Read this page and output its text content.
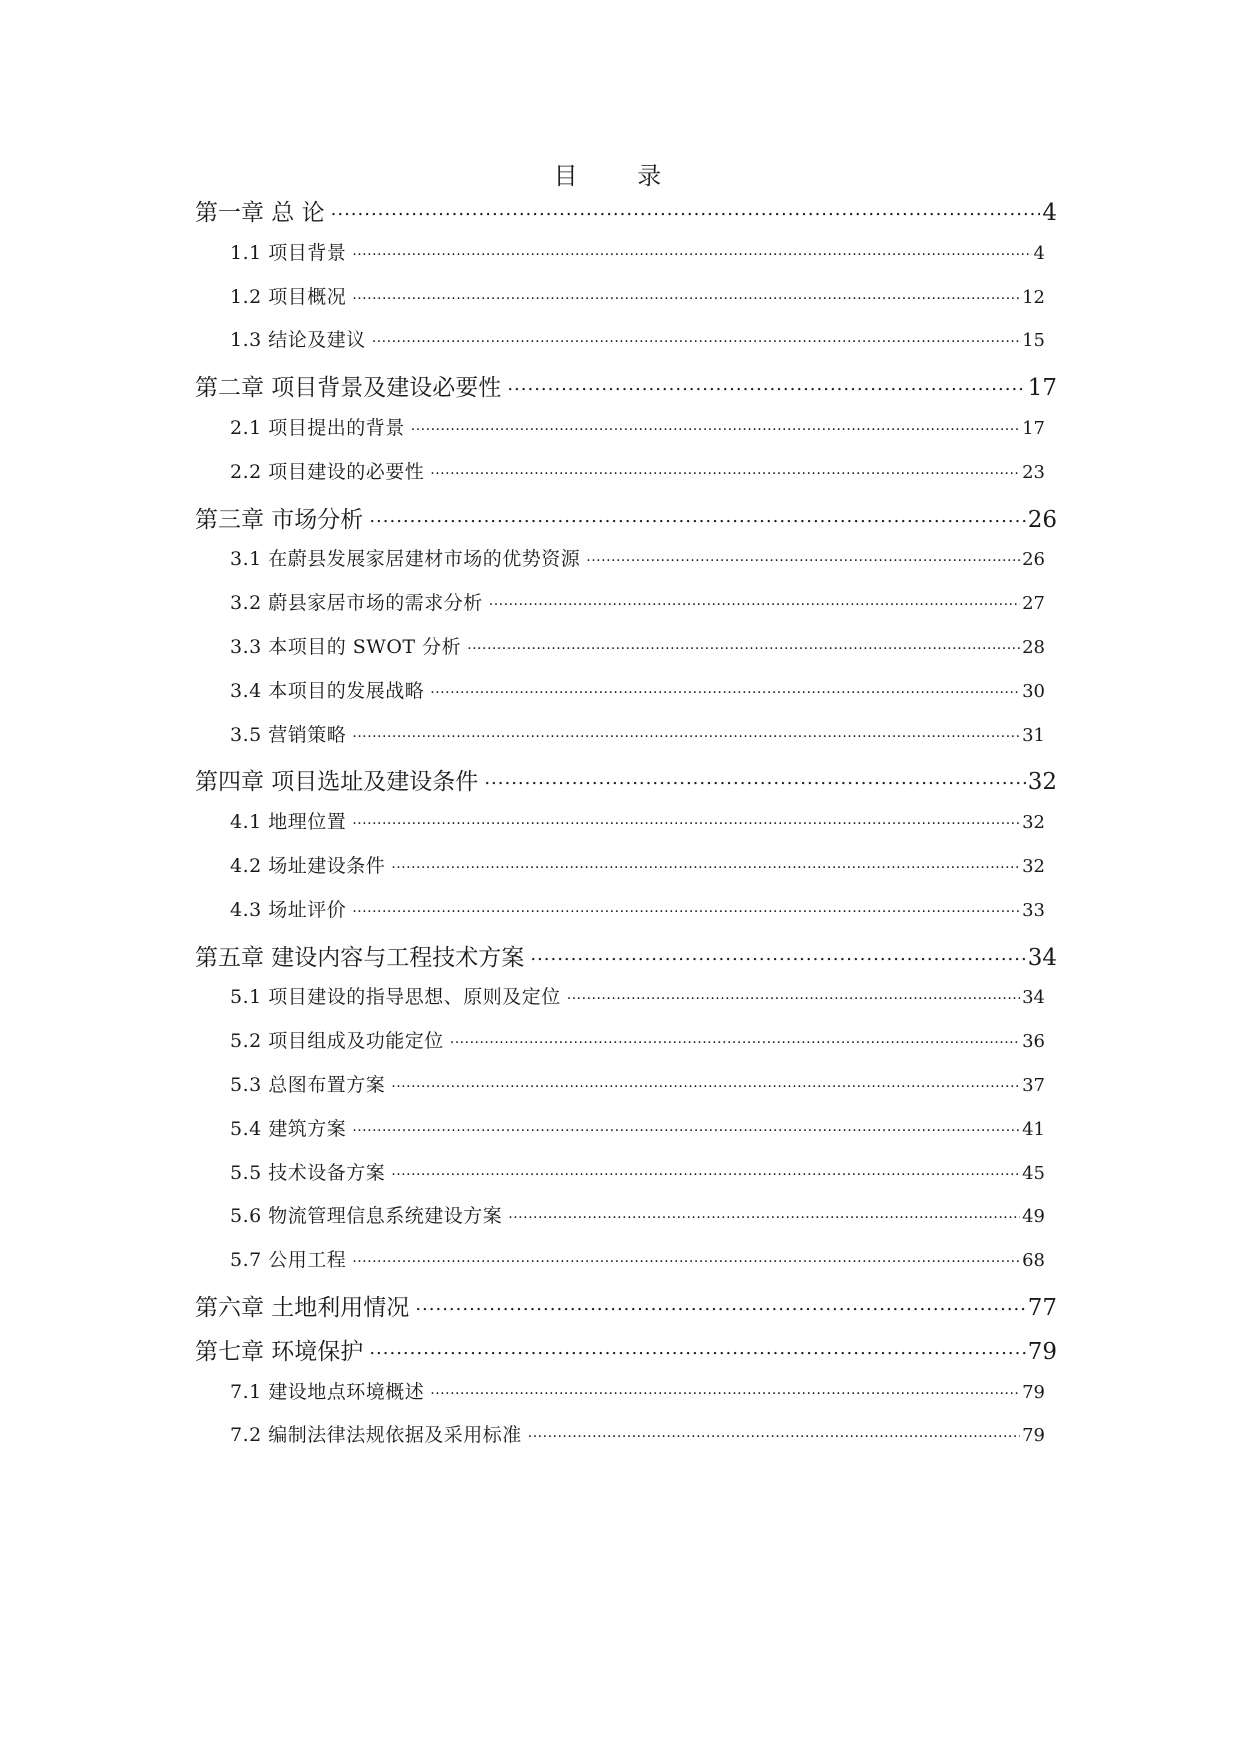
目 录
第一章 总 论 .....	4
1.1 项目背景 .....	4
1.2 项目概况 .....	12
1.3 结论及建议 .....	15
第二章 项目背景及建设必要性 .....	17
2.1 项目提出的背景 .....	17
2.2 项目建设的必要性 .....	23
第三章 市场分析 .....	26
3.1 在蔚县发展家居建材市场的优势资源 .....	26
3.2 蔚县家居市场的需求分析 .....	27
3.3 本项目的 SWOT 分析 .....	28
3.4 本项目的发展战略 .....	30
3.5 营销策略 .....	31
第四章 项目选址及建设条件 .....	32
4.1 地理位置 .....	32
4.2 场址建设条件 .....	32
4.3 场址评价 .....	33
第五章 建设内容与工程技术方案 .....	34
5.1 项目建设的指导思想、原则及定位 .....	34
5.2 项目组成及功能定位 .....	36
5.3 总图布置方案 .....	37
5.4 建筑方案 .....	41
5.5 技术设备方案 .....	45
5.6 物流管理信息系统建设方案 .....	49
5.7 公用工程 .....	68
第六章 土地利用情况 .....	77
第七章 环境保护 .....	79
7.1 建设地点环境概述 .....	79
7.2 编制法律法规依据及采用标准 .....	79
